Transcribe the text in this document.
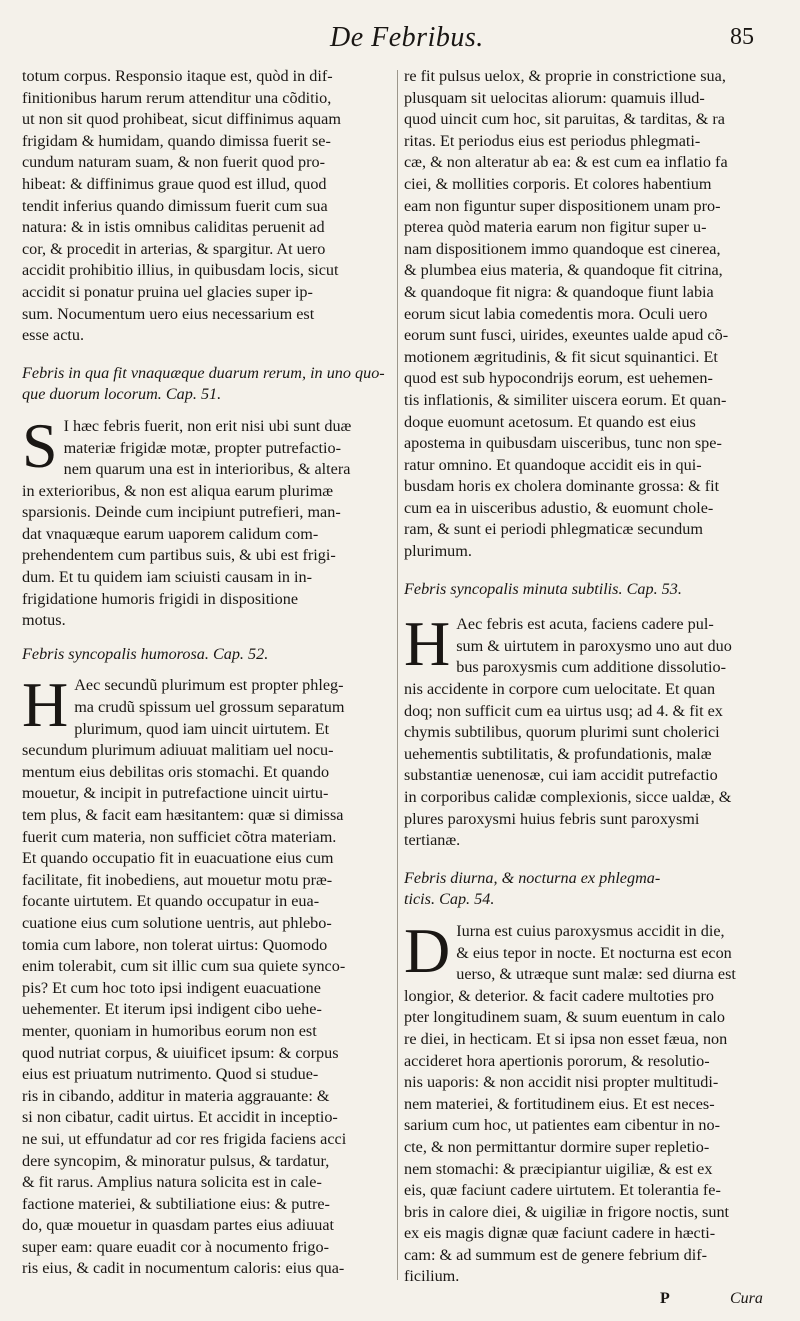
De Febribus.	85
totum corpus. Responsio itaque est, quòd in dif-
finitionibus harum rerum attenditur una cõditio,
ut non sit quod prohibeat, sicut diffinimus aquam
frigidam & humidam, quando dimissa fuerit se-
cundum naturam suam, & non fuerit quod pro-
hibeat: & diffinimus graue quod est illud, quod
tendit inferius quando dimissum fuerit cum sua
natura: & in istis omnibus caliditas peruenit ad
cor, & procedit in arterias, & spargitur. At uero
accidit prohibitio illius, in quibusdam locis, sicut
accidit si ponatur pruina uel glacies super ip-
sum. Nocumentum uero eius necessarium est
esse actu.
Febris in qua fit vnaquæque duarum rerum, in uno quo-
que duorum locorum. Cap. 51.
S I hæc febris fuerit, non erit nisi ubi sunt duæ
materiæ frigidæ motæ, propter putrefactio-
nem quarum una est in interioribus, & altera
in exterioribus, & non est aliqua earum plurimæ
sparsionis. Deinde cum incipiunt putrefieri, man-
dat vnaquæque earum uaporem calidum com-
prehendentem cum partibus suis, & ubi est frigi-
dum. Et tu quidem iam sciuisti causam in in-
frigidatione humoris frigidi in dispositione
motus.
Febris syncopalis humorosa. Cap. 52.
H Aec secundũ plurimum est propter phleg-
ma crudũ spissum uel grossum separatum
plurimum, quod iam uincit uirtutem. Et
secundum plurimum adiuuat malitiam uel nocu-
mentum eius debilitas oris stomachi. Et quando
mouetur, & incipit in putrefactione uincit uirtu-
tem plus, & facit eam hæsitantem: quæ si dimissa
fuerit cum materia, non sufficiet cõtra materiam.
Et quando occupatio fit in euacuatione eius cum
facilitate, fit inobediens, aut mouetur motu præ-
focante uirtutem. Et quando occupatur in eua-
cuatione eius cum solutione uentris, aut phlebo-
tomia cum labore, non tolerat uirtus: Quomodo
enim tolerabit, cum sit illic cum sua quiete synco-
pis? Et cum hoc toto ipsi indigent euacuatione
uehementer. Et iterum ipsi indigent cibo uehe-
menter, quoniam in humoribus eorum non est
quod nutriat corpus, & uiuificet ipsum: & corpus
eius est priuatum nutrimento. Quod si studue-
ris in cibando, additur in materia aggrauante: &
si non cibatur, cadit uirtus. Et accidit in inceptio-
ne sui, ut effundatur ad cor res frigida faciens acci
dere syncopim, & minoratur pulsus, & tardatur,
& fit rarus. Amplius natura solicita est in cale-
factione materiei, & subtiliatione eius: & putre-
do, quæ mouetur in quasdam partes eius adiuuat
super eam: quare euadit cor à nocumento frigo-
ris eius, & cadit in nocumentum caloris: eius qua-
re fit pulsus uelox, & proprie in constrictione sua,
plusquam sit uelocitas aliorum: quamuis illud-
quod uincit cum hoc, sit paruitas, & tarditas, & ra
ritas. Et periodus eius est periodus phlegmati-
cæ, & non alteratur ab ea: & est cum ea inflatio fa
ciei, & mollities corporis. Et colores habentium
eam non figuntur super dispositionem unam pro-
pterea quòd materia earum non figitur super u-
nam dispositionem immo quandoque est cinerea,
& plumbea eius materia, & quandoque fit citrina,
& quandoque fit nigra: & quandoque fiunt labia
eorum sicut labia comedentis mora. Oculi uero
eorum sunt fusci, uirides, exeuntes ualde apud cõ-
motionem ægritudinis, & fit sicut squinantici. Et
quod est sub hypocondrijs eorum, est uehemen-
tis inflationis, & similiter uiscera eorum. Et quan-
doque euomunt acetosum. Et quando est eius
apostema in quibusdam uisceribus, tunc non spe-
ratur omnino. Et quandoque accidit eis in qui-
busdam horis ex cholera dominante grossa: & fit
cum ea in uisceribus adustio, & euomunt chole-
ram, & sunt ei periodi phlegmaticæ secundum
plurimum.
Febris syncopalis minuta subtilis. Cap. 53.
H Aec febris est acuta, faciens cadere pul-
sum & uirtutem in paroxysmo uno aut duo
bus paroxysmis cum additione dissolutio-
nis accidente in corpore cum uelocitate. Et quan
doq; non sufficit cum ea uirtus usq; ad 4. & fit ex
chymis subtilibus, quorum plurimi sunt cholerici
uehementis subtilitatis, & profundationis, malæ
substantiæ uenenosæ, cui iam accidit putrefactio
in corporibus calidæ complexionis, sicce ualdæ, &
plures paroxysmi huius febris sunt paroxysmi
tertianæ.
Febris diurna, & nocturna ex phlegma-
ticis. Cap. 54.
D Iurna est cuius paroxysmus accidit in die,
& eius tepor in nocte. Et nocturna est econ
uerso, & utræque sunt malæ: sed diurna est
longior, & deterior. & facit cadere multoties pro
pter longitudinem suam, & suum euentum in calo
re diei, in hecticam. Et si ipsa non esset fæua, non
accideret hora apertionis pororum, & resolutio-
nis uaporis: & non accidit nisi propter multitudi-
nem materiei, & fortitudinem eius. Et est neces-
sarium cum hoc, ut patientes eam cibentur in no-
cte, & non permittantur dormire super repletio-
nem stomachi: & præcipiantur uigiliæ, & est ex
eis, quæ faciunt cadere uirtutem. Et tolerantia fe-
bris in calore diei, & uigiliæ in frigore noctis, sunt
ex eis magis dignæ quæ faciunt cadere in hæcti-
cam: & ad summum est de genere febrium dif-
ficilium.
P	Cura
